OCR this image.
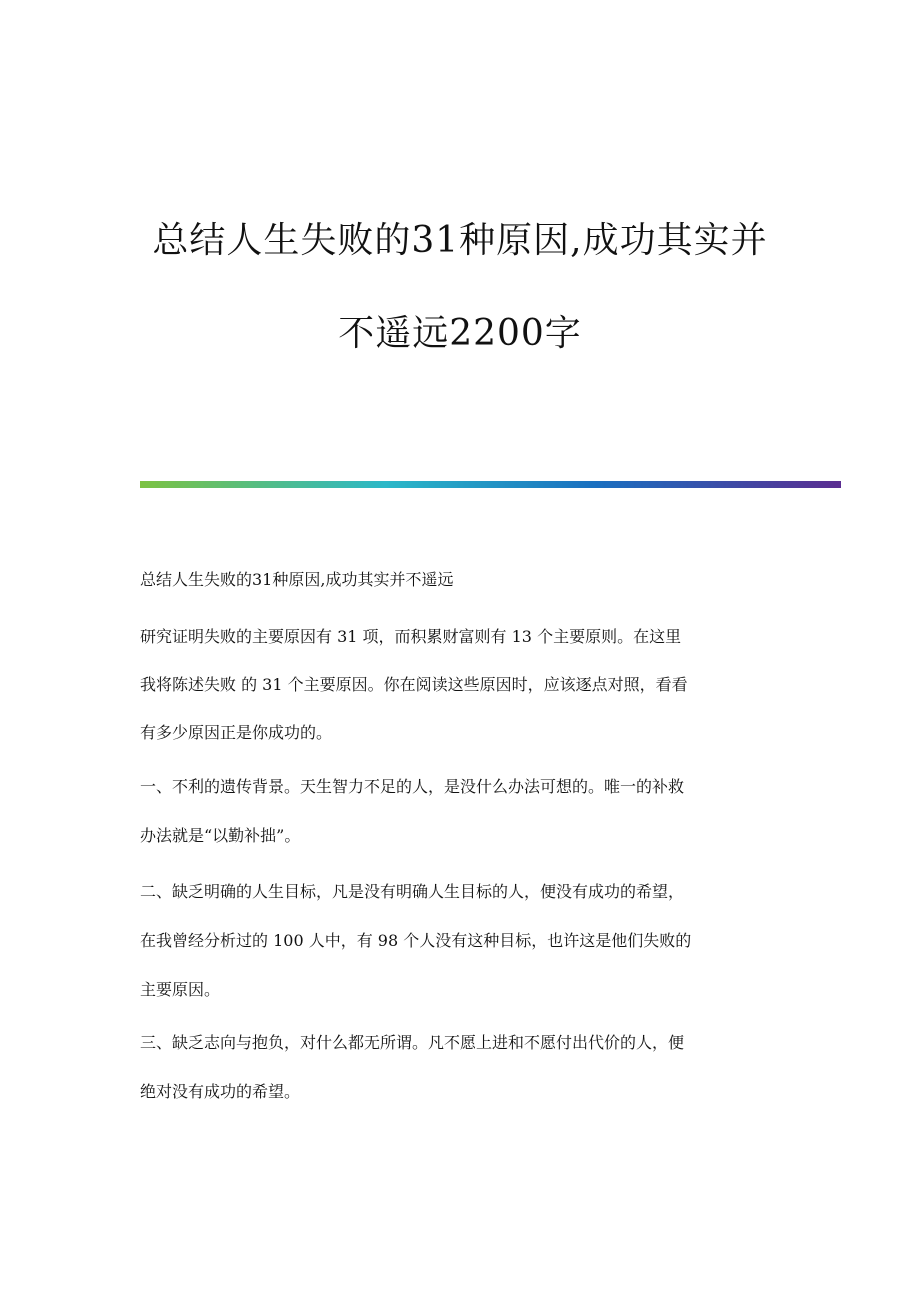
总结人生失败的31种原因,成功其实并
不遥远2200字
总结人生失败的31种原因,成功其实并不遥远
研究证明失败的主要原因有 31 项，而积累财富则有 13 个主要原则。在这里
我将陈述失败 的 31 个主要原因。你在阅读这些原因时，应该逐点对照，看看
有多少原因正是你成功的。
一、不利的遗传背景。天生智力不足的人，是没什么办法可想的。唯一的补救
办法就是“以勤补拙”。
二、缺乏明确的人生目标，凡是没有明确人生目标的人，便没有成功的希望，
在我曾经分析过的 100 人中，有 98 个人没有这种目标，也许这是他们失败的
主要原因。
三、缺乏志向与抱负，对什么都无所谓。凡不愿上进和不愿付出代价的人，便
绝对没有成功的希望。
